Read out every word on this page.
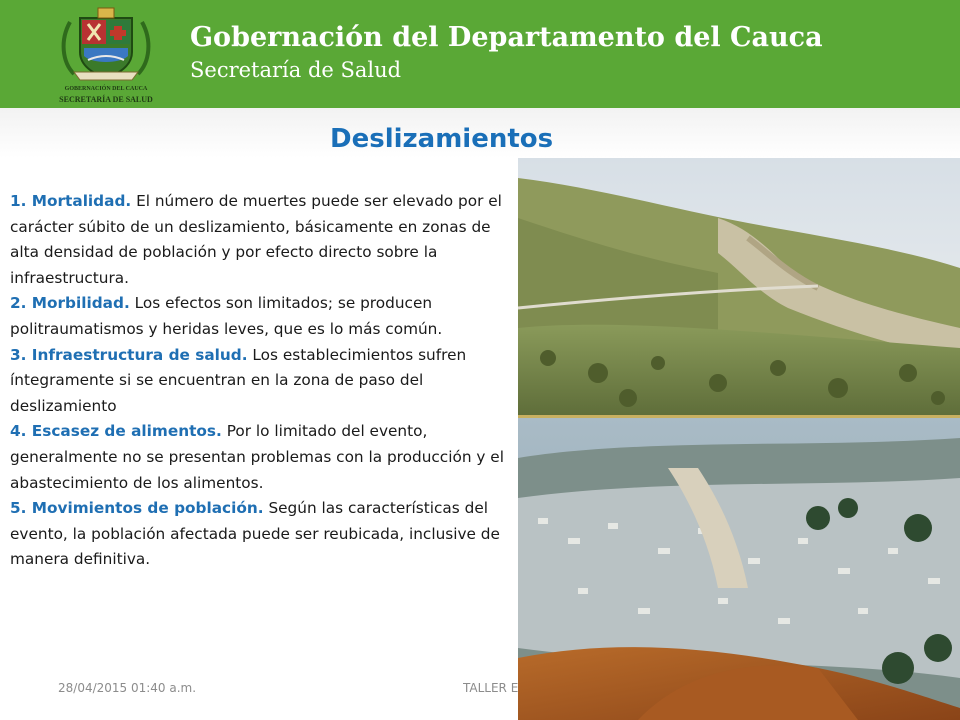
GOBERNACIÓN DEL CAUCA
SECRETARÍA DE SALUD
Gobernación del Departamento del Cauca
Secretaría de Salud
Deslizamientos

1. Mortalidad. El número de muertes puede ser elevado por el carácter súbito de un deslizamiento, básicamente en zonas de alta densidad de población y por efecto directo sobre la infraestructura.

2. Morbilidad. Los efectos son limitados; se producen politraumatismos y heridas leves, que es lo más común.

3. Infraestructura de salud. Los establecimientos sufren íntegramente si se encuentran en la zona de paso del deslizamiento

4. Escasez de alimentos. Por lo limitado del evento, generalmente no se presentan problemas con la producción y el abastecimiento de los alimentos.

5. Movimientos de población. Según las características del evento, la población afectada puede ser reubicada, inclusive de manera definitiva.

28/04/2015 01:40 a.m.	TALLER E
